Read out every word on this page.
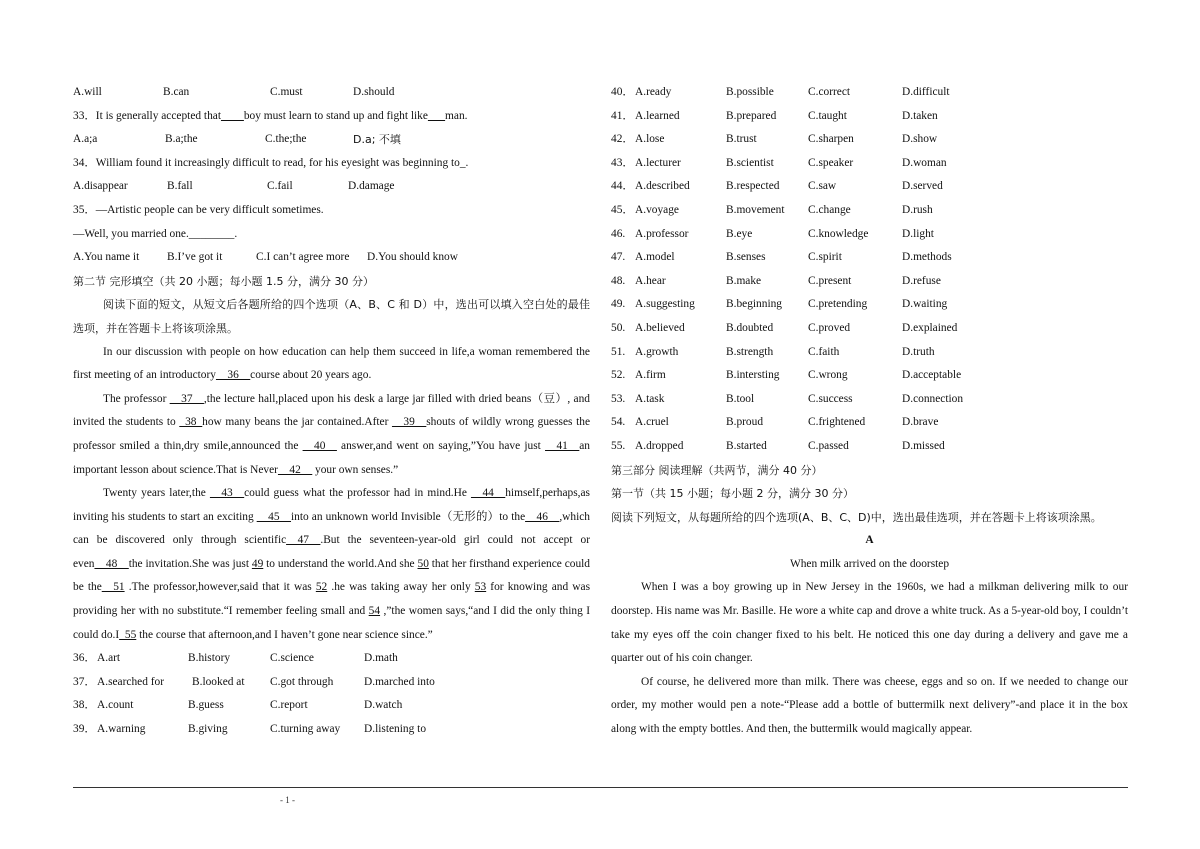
A.will	B.can	C.must	D.should
33．It is generally accepted that____boy must learn to stand up and fight like___man.
A.a;a	B.a;the	C.the;the	D.a; 不填
34．William found it increasingly difficult to read, for his eyesight was beginning to_.
A.disappear	B.fall	C.fail	D.damage
35．—Artistic people can be very difficult sometimes.
—Well, you married one.________.
A.You name it B.I’ve got it	C.I can’t agree more D.You should know
第二节 完形填空（共 20 小题；每小题 1.5 分，满分 30 分）
阅读下面的短文，从短文后各题所给的四个选项（A、B、C 和 D）中，选出可以填入空白处的最佳选项，并在答题卡上将该项涂黑。
In our discussion with people on how education can help them succeed in life,a woman remembered the first meeting of an introductory__36__course about 20 years ago.
The professor __37__,the lecture hall,placed upon his desk a large jar filled with dried beans（豆）, and invited the students to _38_how many beans the jar contained.After __39__shouts of wildly wrong guesses the professor smiled a thin,dry smile,announced the __40__ answer,and went on saying,”You have just __41__an important lesson about science.That is Never__42__ your own senses.”
Twenty years later,the __43__could guess what the professor had in mind.He __44__himself,perhaps,as inviting his students to start an exciting __45__into an unknown world Invisible（无形的）to the__46__,which can be discovered only through scientific__47__.But the seventeen-year-old girl could not accept or even__48__the invitation.She was just 49 to understand the world.And she 50 that her firsthand experience could be the__51 .The professor,however,said that it was 52 .he was taking away her only 53 for knowing and was providing her with no substitute.“I remember feeling small and 54 ,”the women says,“and I did the only thing I could do.I_55 the course that afternoon,and I haven’t gone near science since.”
36． A.art	B.history	C.science	D.math
37． A.searched for B.looked at C.got through	D.marched into
38． A.count	B.guess	C.report	D.watch
39． A.warning	B.giving	C.turning away D.listening to
40． A.ready	B.possible	C.correct	D.difficult
41． A.learned	B.prepared	C.taught	D.taken
42． A.lose	B.trust	C.sharpen	D.show
43． A.lecturer	B.scientist	C.speaker	D.woman
44． A.described	B.respected	C.saw	D.served
45． A.voyage	B.movement C.change	D.rush
46. A.professor	B.eye	C.knowledge	D.light
47. A.model	B.senses	C.spirit	D.methods
48. A.hear	B.make	C.present	D.refuse
49. A.suggesting	B.beginning C.pretending	D.waiting
50. A.believed	B.doubted	C.proved	D.explained
51. A.growth	B.strength	C.faith	D.truth
52. A.firm	B.intersting	C.wrong	D.acceptable
53. A.task	B.tool	C.success	D.connection
54. A.cruel	B.proud	C.frightened	D.brave
55. A.dropped	B.started	C.passed	D.missed
第三部分 阅读理解（共两节，满分 40 分）
第一节（共 15 小题；每小题 2 分，满分 30 分）
阅读下列短文，从每题所给的四个选项(A、B、C、D)中，选出最佳选项，并在答题卡上将该项涂黑。
A
When milk arrived on the doorstep
When I was a boy growing up in New Jersey in the 1960s, we had a milkman delivering milk to our doorstep. His name was Mr. Basille. He wore a white cap and drove a white truck. As a 5-year-old boy, I couldn’t take my eyes off the coin changer fixed to his belt. He noticed this one day during a delivery and gave me a quarter out of his coin changer.
Of course, he delivered more than milk. There was cheese, eggs and so on. If we needed to change our order, my mother would pen a note-“Please add a bottle of buttermilk next delivery”-and place it in the box along with the empty bottles. And then, the buttermilk would magically appear.
- 1 -
